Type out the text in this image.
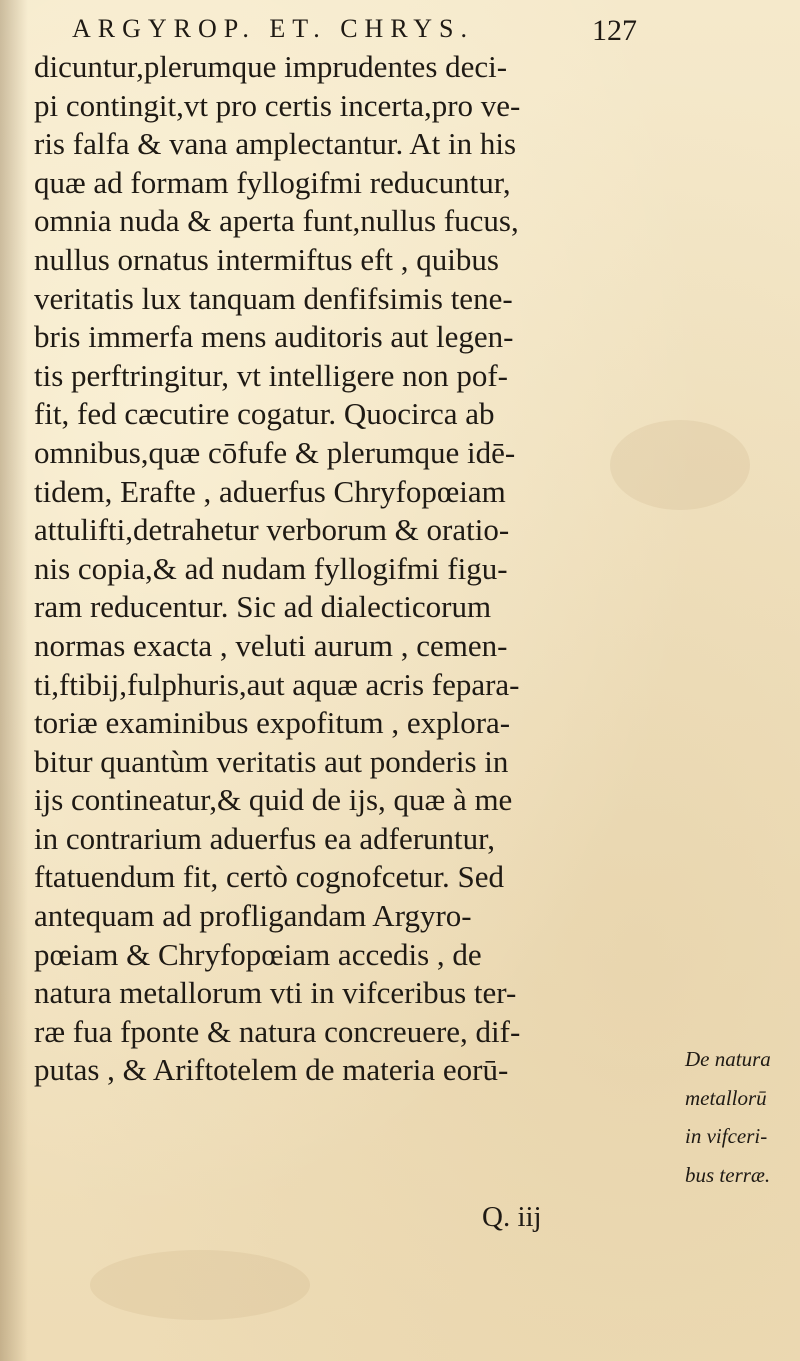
ARGYROP. ET. CHRYS.	127
dicuntur,plerumque imprudentes deci-
pi contingit,vt pro certis incerta,pro ve-
ris falfa & vana amplectantur. At in his
quæ ad formam fyllogifmi reducuntur,
omnia nuda & aperta funt,nullus fucus,
nullus ornatus intermiftus eft , quibus
veritatis lux tanquam denfifsimis tene-
bris immerfa mens auditoris aut legen-
tis perftringitur, vt intelligere non pof-
fit, fed cæcutire cogatur. Quocirca ab
omnibus,quæ cōfufe & plerumque idē-
tidem, Erafte , aduerfus Chryfopœiam
attulifti,detrahetur verborum & oratio-
nis copia,& ad nudam fyllogifmi figu-
ram reducentur. Sic ad dialecticorum
normas exacta , veluti aurum , cemen-
ti,ftibij,fulphuris,aut aquæ acris fepara-
toriæ examinibus expofitum , explora-
bitur quantùm veritatis aut ponderis in
ijs contineatur,& quid de ijs, quæ à me
in contrarium aduerfus ea adferuntur,
ftatuendum fit, certò cognofcetur. Sed
antequam ad profligandam Argyro-
pœiam & Chryfopœiam accedis , de
natura metallorum vti in vifceribus ter-
ræ fua fponte & natura concreuere, dif-
putas , & Ariftotelem de materia eorū-	De natura
metallorū
in vifceri-
bus terræ.
Q. iij
